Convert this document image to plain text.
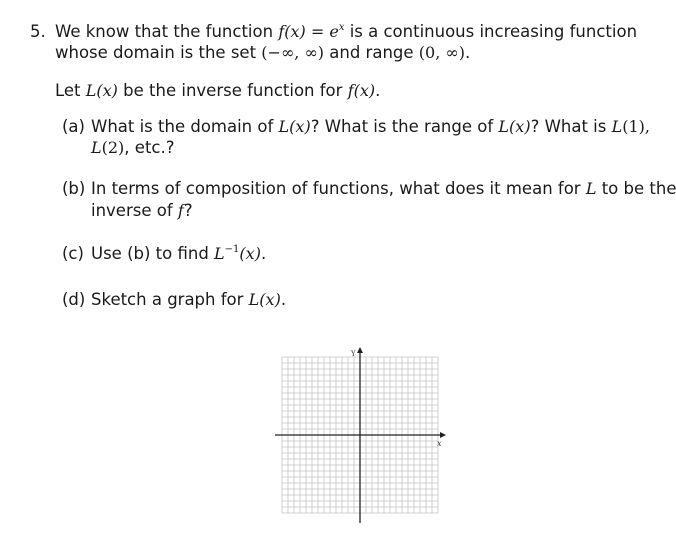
5. We know that the function $f(x) = e^x$ is a continuous increasing function
whose domain is the set (−∞, ∞) and range (0, ∞).
Let L(x) be the inverse function for f(x).
(a) What is the domain of L(x)? What is the range of L(x)? What is L(1),
L(2), etc.?
(b) In terms of composition of functions, what does it mean for L to be the
inverse of f?
(c) Use (b) to find $L^{-1}(x)$.
(d) Sketch a graph for L(x).
x
Y
